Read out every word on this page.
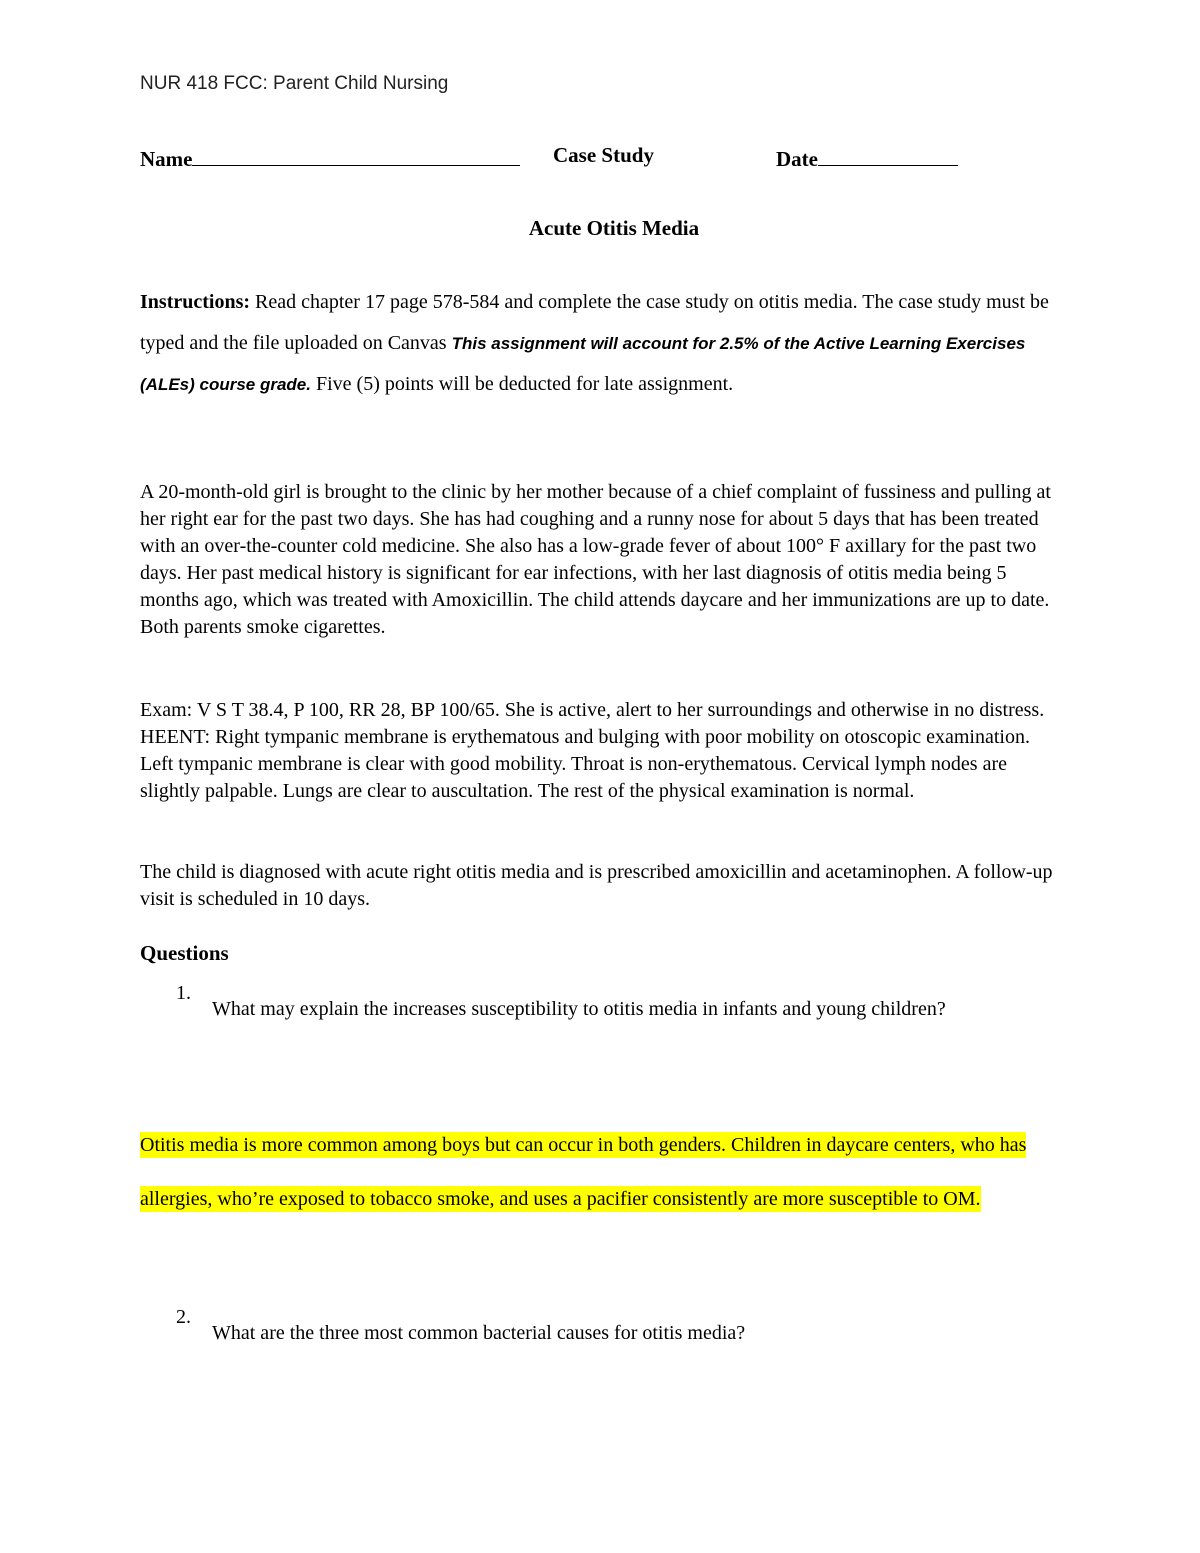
NUR 418 FCC: Parent Child Nursing
Name	Case Study	Date
Acute Otitis Media
Instructions: Read chapter 17 page 578-584 and complete the case study on otitis media. The case study must be typed and the file uploaded on Canvas This assignment will account for 2.5% of the Active Learning Exercises (ALEs) course grade. Five (5) points will be deducted for late assignment.
A 20-month-old girl is brought to the clinic by her mother because of a chief complaint of fussiness and pulling at her right ear for the past two days. She has had coughing and a runny nose for about 5 days that has been treated with an over-the-counter cold medicine. She also has a low-grade fever of about 100° F axillary for the past two days. Her past medical history is significant for ear infections, with her last diagnosis of otitis media being 5 months ago, which was treated with Amoxicillin. The child attends daycare and her immunizations are up to date. Both parents smoke cigarettes.
Exam: V S T 38.4, P 100, RR 28, BP 100/65. She is active, alert to her surroundings and otherwise in no distress. HEENT: Right tympanic membrane is erythematous and bulging with poor mobility on otoscopic examination. Left tympanic membrane is clear with good mobility. Throat is non-erythematous. Cervical lymph nodes are slightly palpable. Lungs are clear to auscultation. The rest of the physical examination is normal.
The child is diagnosed with acute right otitis media and is prescribed amoxicillin and acetaminophen. A follow-up visit is scheduled in 10 days.
Questions
1.
What may explain the increases susceptibility to otitis media in infants and young children?
Otitis media is more common among boys but can occur in both genders. Children in daycare centers, who has allergies, who’re exposed to tobacco smoke, and uses a pacifier consistently are more susceptible to OM.
2.
What are the three most common bacterial causes for otitis media?
